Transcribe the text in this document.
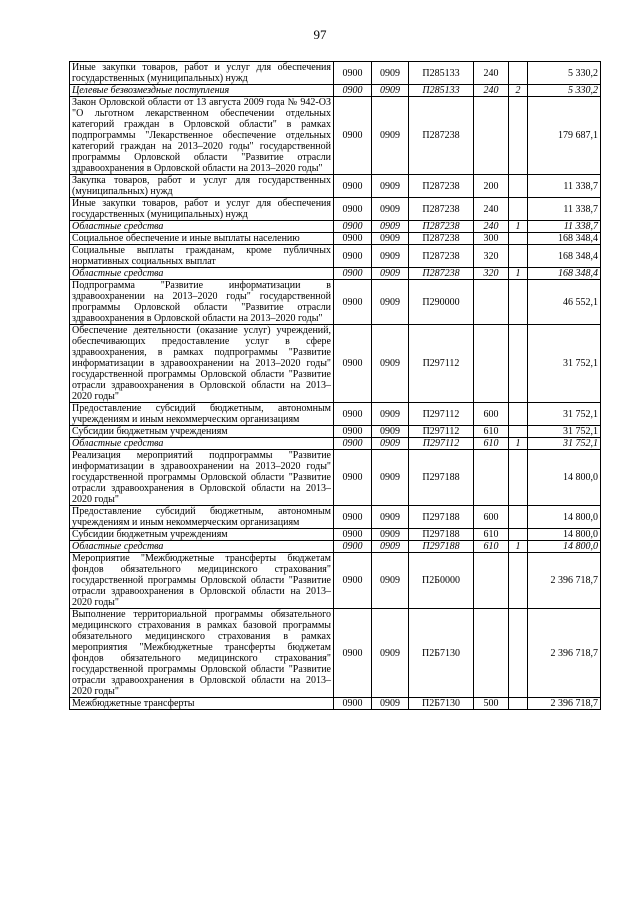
97
Иные закупки товаров, работ и услуг для обеспечения государственных (муниципальных) нужд	0900	0909	П285133	240		5 330,2
Целевые безвозмездные поступления	0900	0909	П285133	240	2	5 330,2
Закон Орловской области от 13 августа 2009 года № 942-ОЗ "О льготном лекарственном обеспечении отдельных категорий граждан в Орловской области" в рамках подпрограммы "Лекарственное обеспечение отдельных категорий граждан на 2013–2020 годы" государственной программы Орловской области "Развитие отрасли здравоохранения в Орловской области на 2013–2020 годы"	0900	0909	П287238			179 687,1
Закупка товаров, работ и услуг для государственных (муниципальных) нужд	0900	0909	П287238	200		11 338,7
Иные закупки товаров, работ и услуг для обеспечения государственных (муниципальных) нужд	0900	0909	П287238	240		11 338,7
Областные средства	0900	0909	П287238	240	1	11 338,7
Социальное обеспечение и иные выплаты населению	0900	0909	П287238	300		168 348,4
Социальные выплаты гражданам, кроме публичных нормативных социальных выплат	0900	0909	П287238	320		168 348,4
Областные средства	0900	0909	П287238	320	1	168 348,4
Подпрограмма "Развитие информатизации в здравоохранении на 2013–2020 годы" государственной программы Орловской области "Развитие отрасли здравоохранения в Орловской области на 2013–2020 годы"	0900	0909	П290000			46 552,1
Обеспечение деятельности (оказание услуг) учреждений, обеспечивающих предоставление услуг в сфере здравоохранения, в рамках подпрограммы "Развитие информатизации в здравоохранении на 2013–2020 годы" государственной программы Орловской области "Развитие отрасли здравоохранения в Орловской области на 2013–2020 годы"	0900	0909	П297112			31 752,1
Предоставление субсидий бюджетным, автономным учреждениям и иным некоммерческим организациям	0900	0909	П297112	600		31 752,1
Субсидии бюджетным учреждениям	0900	0909	П297112	610		31 752,1
Областные средства	0900	0909	П297112	610	1	31 752,1
Реализация мероприятий подпрограммы "Развитие информатизации в здравоохранении на 2013–2020 годы" государственной программы Орловской области "Развитие отрасли здравоохранения в Орловской области на 2013–2020 годы"	0900	0909	П297188			14 800,0
Предоставление субсидий бюджетным, автономным учреждениям и иным некоммерческим организациям	0900	0909	П297188	600		14 800,0
Субсидии бюджетным учреждениям	0900	0909	П297188	610		14 800,0
Областные средства	0900	0909	П297188	610	1	14 800,0
Мероприятие "Межбюджетные трансферты бюджетам фондов обязательного медицинского страхования" государственной программы Орловской области "Развитие отрасли здравоохранения в Орловской области на 2013–2020 годы"	0900	0909	П2Б0000			2 396 718,7
Выполнение территориальной программы обязательного медицинского страхования в рамках базовой программы обязательного медицинского страхования в рамках мероприятия "Межбюджетные трансферты бюджетам фондов обязательного медицинского страхования" государственной программы Орловской области "Развитие отрасли здравоохранения в Орловской области на 2013–2020 годы"	0900	0909	П2Б7130			2 396 718,7
Межбюджетные трансферты	0900	0909	П2Б7130	500		2 396 718,7
